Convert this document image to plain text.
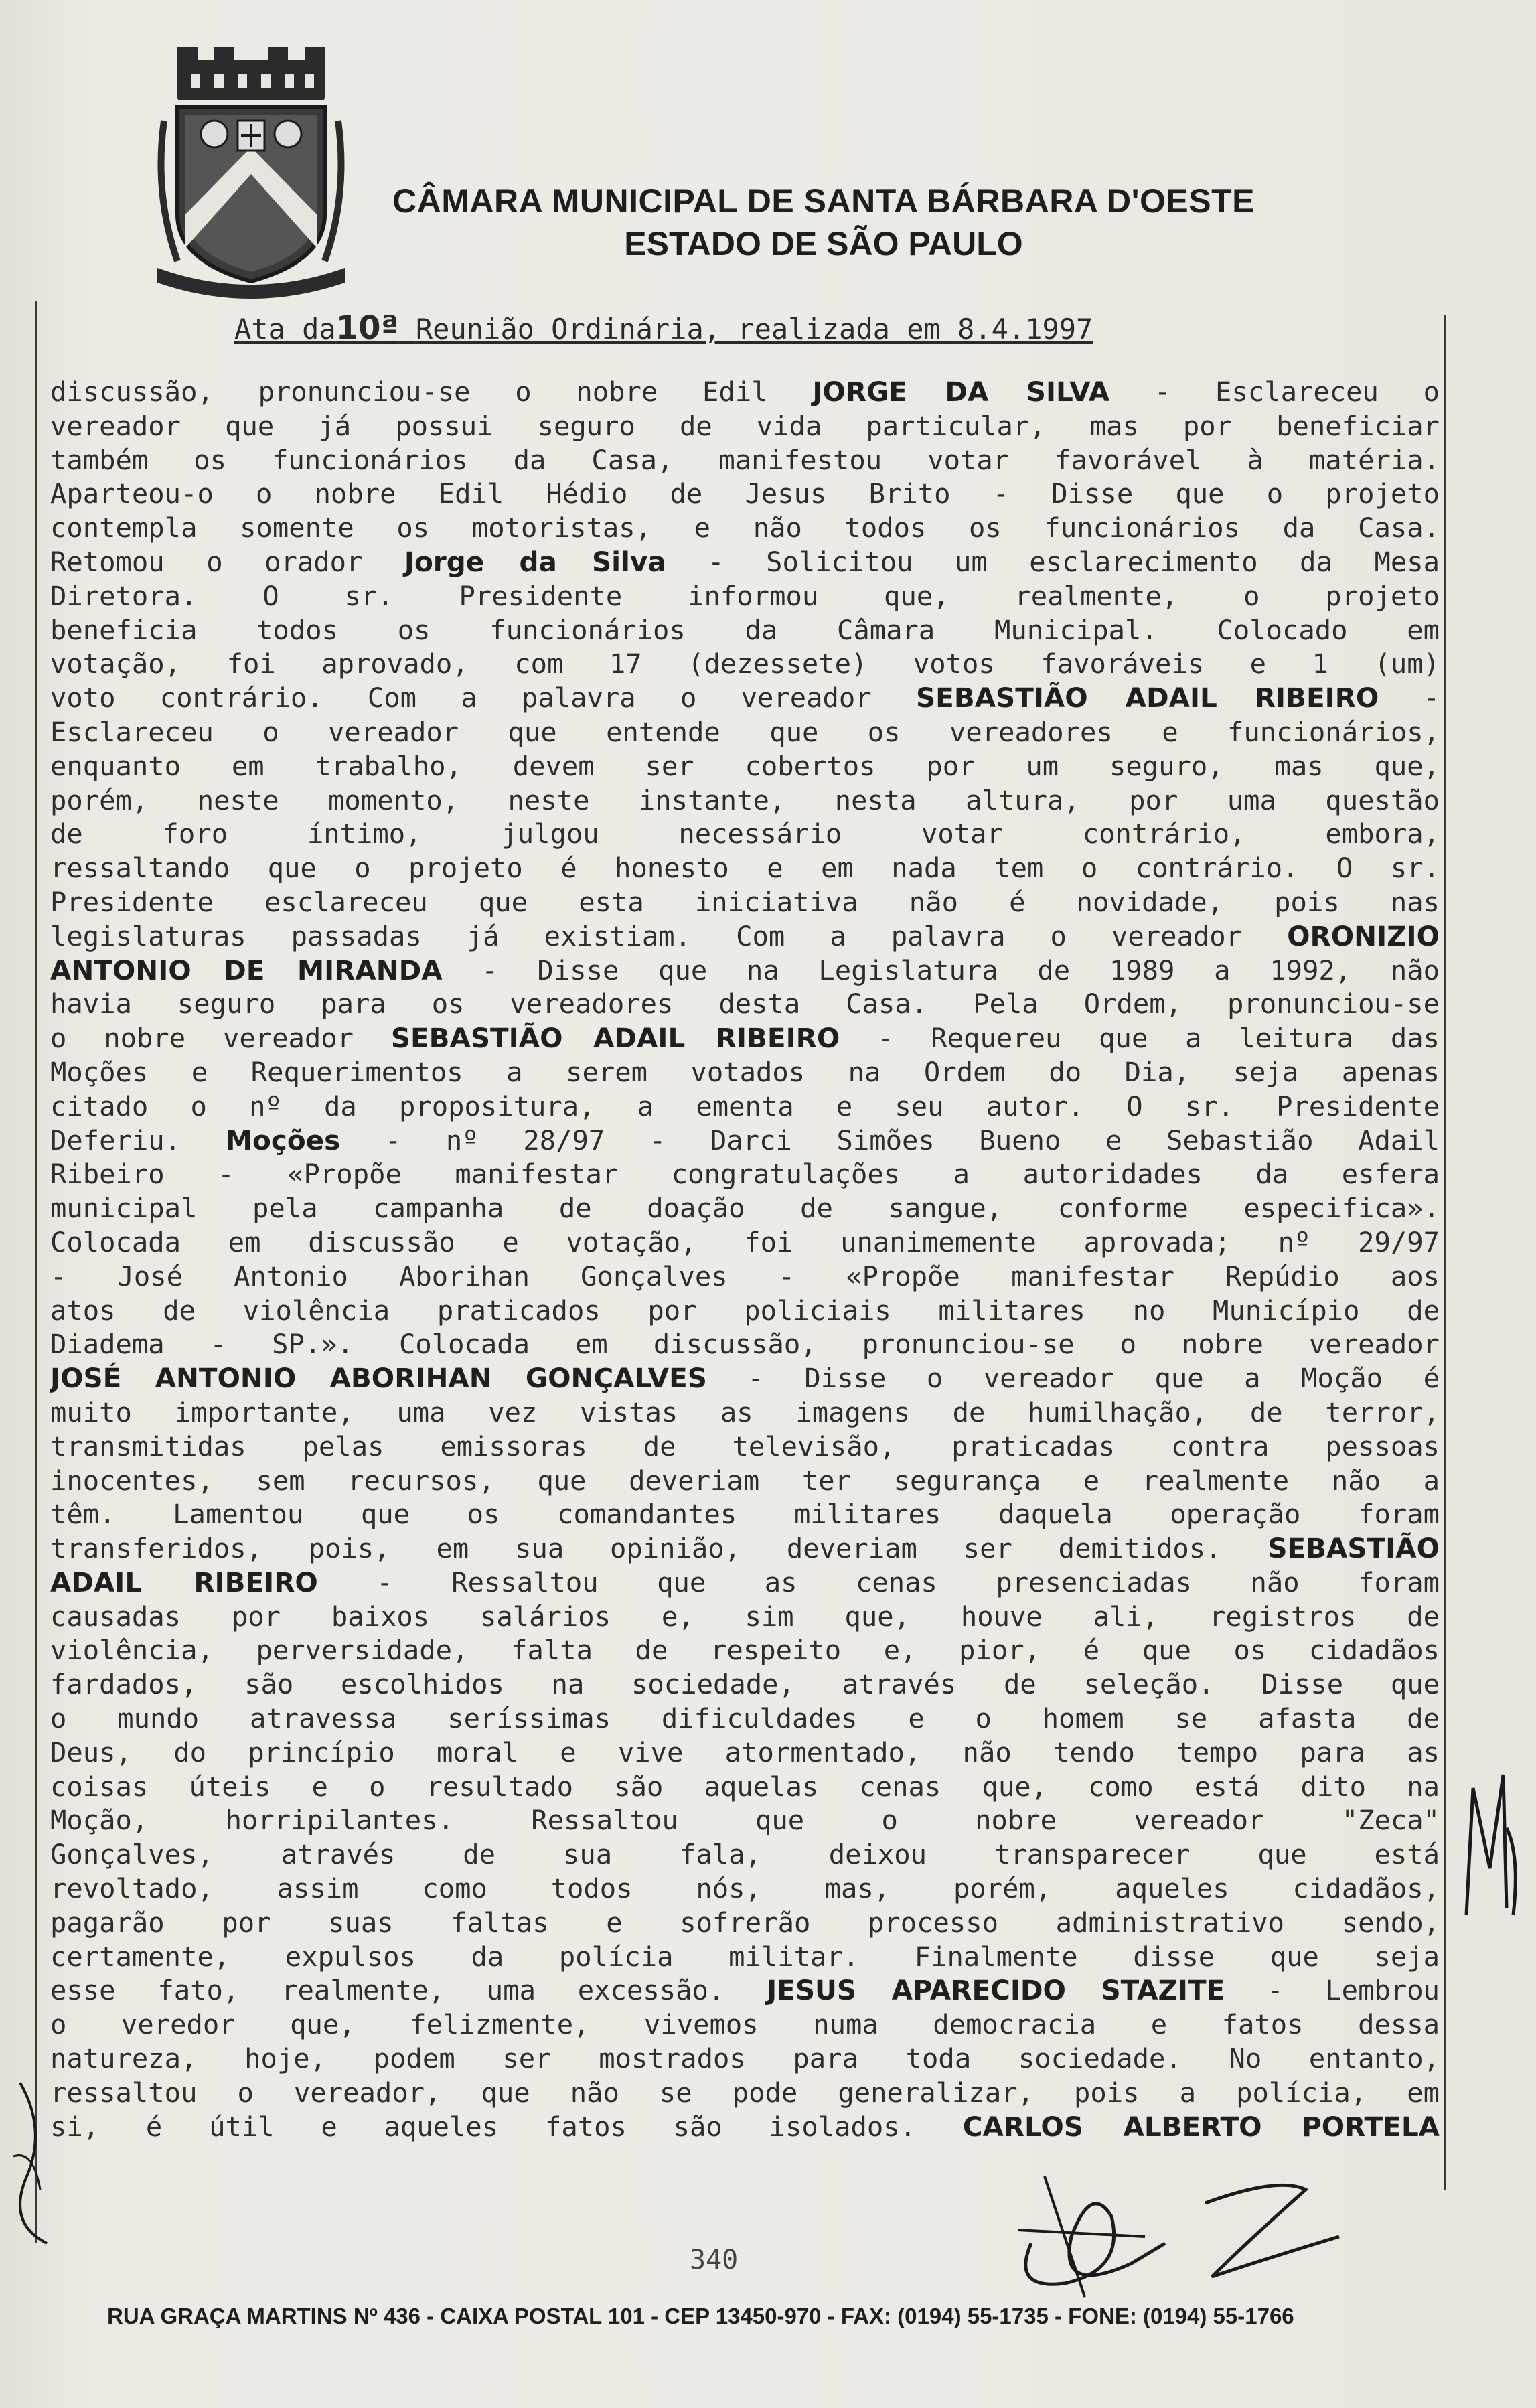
CÂMARA MUNICIPAL DE SANTA BÁRBARA D'OESTE
ESTADO DE SÃO PAULO
Ata da10ª Reunião Ordinária, realizada em 8.4.1997
discussão, pronunciou-se o nobre Edil JORGE DA SILVA - Esclareceu o
vereador que já possui seguro de vida particular, mas por beneficiar
também os funcionários da Casa, manifestou votar favorável à matéria.
Aparteou-o o nobre Edil Hédio de Jesus Brito - Disse que o projeto
contempla somente os motoristas, e não todos os funcionários da Casa.
Retomou o orador Jorge da Silva - Solicitou um esclarecimento da Mesa
Diretora. O sr. Presidente informou que, realmente, o projeto
beneficia todos os funcionários da Câmara Municipal. Colocado em
votação, foi aprovado, com 17 (dezessete) votos favoráveis e 1 (um)
voto contrário. Com a palavra o vereador SEBASTIÃO ADAIL RIBEIRO -
Esclareceu o vereador que entende que os vereadores e funcionários,
enquanto em trabalho, devem ser cobertos por um seguro, mas que,
porém, neste momento, neste instante, nesta altura, por uma questão
de foro íntimo, julgou necessário votar contrário, embora,
ressaltando que o projeto é honesto e em nada tem o contrário. O sr.
Presidente esclareceu que esta iniciativa não é novidade, pois nas
legislaturas passadas já existiam. Com a palavra o vereador ORONIZIO
ANTONIO DE MIRANDA - Disse que na Legislatura de 1989 a 1992, não
havia seguro para os vereadores desta Casa. Pela Ordem, pronunciou-se
o nobre vereador SEBASTIÃO ADAIL RIBEIRO - Requereu que a leitura das
Moções e Requerimentos a serem votados na Ordem do Dia, seja apenas
citado o nº da propositura, a ementa e seu autor. O sr. Presidente
Deferiu. Moções - nº 28/97 - Darci Simões Bueno e Sebastião Adail
Ribeiro - «Propõe manifestar congratulações a autoridades da esfera
municipal pela campanha de doação de sangue, conforme especifica».
Colocada em discussão e votação, foi unanimemente aprovada; nº 29/97
- José Antonio Aborihan Gonçalves - «Propõe manifestar Repúdio aos
atos de violência praticados por policiais militares no Município de
Diadema - SP.». Colocada em discussão, pronunciou-se o nobre vereador
JOSÉ ANTONIO ABORIHAN GONÇALVES - Disse o vereador que a Moção é
muito importante, uma vez vistas as imagens de humilhação, de terror,
transmitidas pelas emissoras de televisão, praticadas contra pessoas
inocentes, sem recursos, que deveriam ter segurança e realmente não a
têm. Lamentou que os comandantes militares daquela operação foram
transferidos, pois, em sua opinião, deveriam ser demitidos. SEBASTIÃO
ADAIL RIBEIRO - Ressaltou que as cenas presenciadas não foram
causadas por baixos salários e, sim que, houve ali, registros de
violência, perversidade, falta de respeito e, pior, é que os cidadãos
fardados, são escolhidos na sociedade, através de seleção. Disse que
o mundo atravessa seríssimas dificuldades e o homem se afasta de
Deus, do princípio moral e vive atormentado, não tendo tempo para as
coisas úteis e o resultado são aquelas cenas que, como está dito na
Moção, horripilantes. Ressaltou que o nobre vereador "Zeca"
Gonçalves, através de sua fala, deixou transparecer que está
revoltado, assim como todos nós, mas, porém, aqueles cidadãos,
pagarão por suas faltas e sofrerão processo administrativo sendo,
certamente, expulsos da polícia militar. Finalmente disse que seja
esse fato, realmente, uma excessão. JESUS APARECIDO STAZITE - Lembrou
o veredor que, felizmente, vivemos numa democracia e fatos dessa
natureza, hoje, podem ser mostrados para toda sociedade. No entanto,
ressaltou o vereador, que não se pode generalizar, pois a polícia, em
si, é útil e aqueles fatos são isolados. CARLOS ALBERTO PORTELA
340
RUA GRAÇA MARTINS Nº 436 - CAIXA POSTAL 101 - CEP 13450-970 - FAX: (0194) 55-1735 - FONE: (0194) 55-1766
